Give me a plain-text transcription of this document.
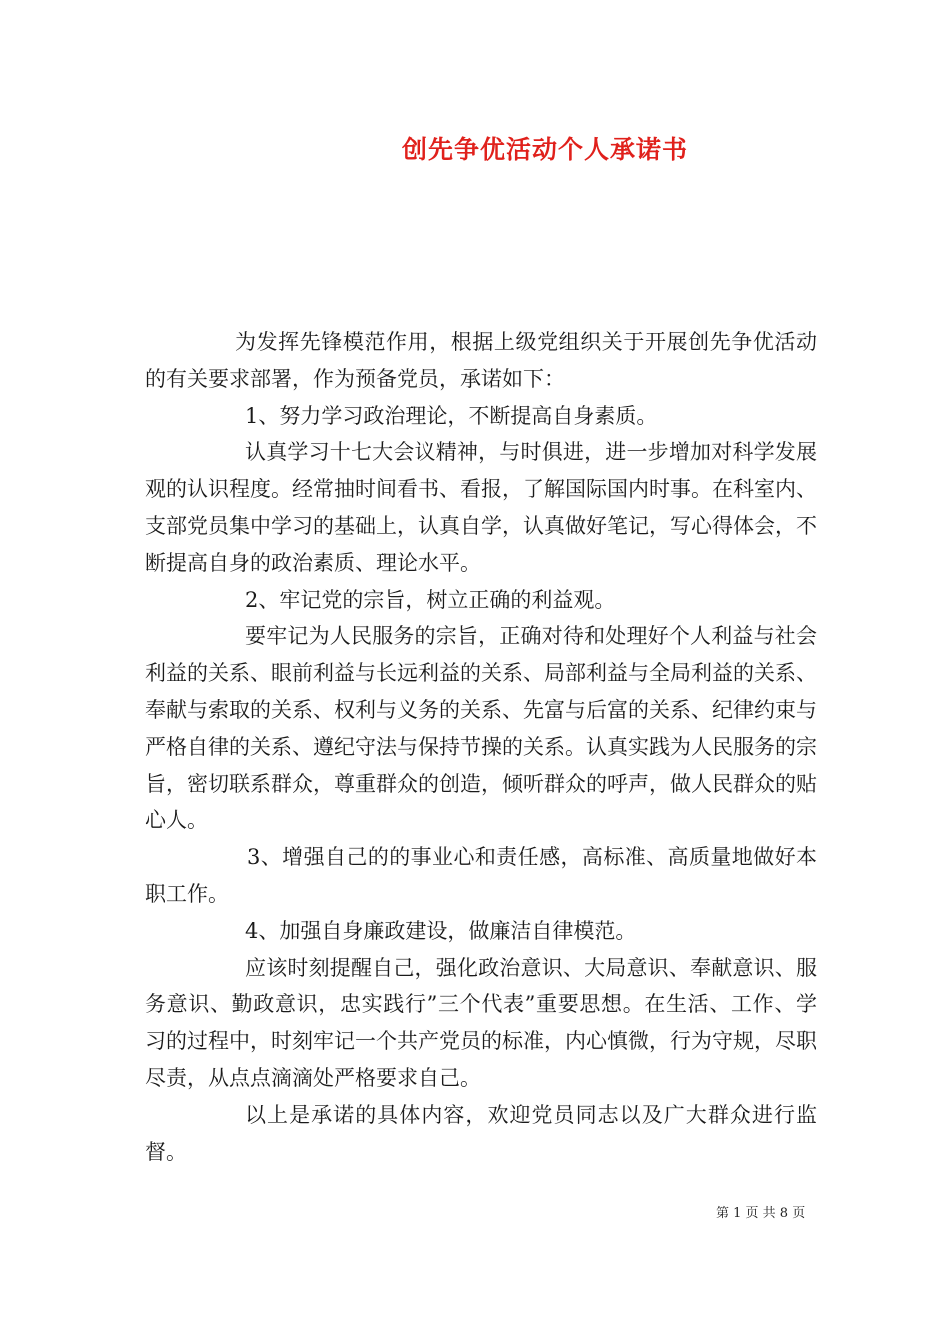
创先争优活动个人承诺书

为发挥先锋模范作用，根据上级党组织关于开展创先争优活动的有关要求部署，作为预备党员，承诺如下：

1、努力学习政治理论，不断提高自身素质。

认真学习十七大会议精神，与时俱进，进一步增加对科学发展观的认识程度。经常抽时间看书、看报，了解国际国内时事。在科室内、支部党员集中学习的基础上，认真自学，认真做好笔记，写心得体会，不断提高自身的政治素质、理论水平。

2、牢记党的宗旨，树立正确的利益观。

要牢记为人民服务的宗旨，正确对待和处理好个人利益与社会利益的关系、眼前利益与长远利益的关系、局部利益与全局利益的关系、奉献与索取的关系、权利与义务的关系、先富与后富的关系、纪律约束与严格自律的关系、遵纪守法与保持节操的关系。认真实践为人民服务的宗旨，密切联系群众，尊重群众的创造，倾听群众的呼声，做人民群众的贴心人。

3、增强自己的的事业心和责任感，高标准、高质量地做好本职工作。

4、加强自身廉政建设，做廉洁自律模范。

应该时刻提醒自己，强化政治意识、大局意识、奉献意识、服务意识、勤政意识，忠实践行”三个代表”重要思想。在生活、工作、学习的过程中，时刻牢记一个共产党员的标准，内心慎微，行为守规，尽职尽责，从点点滴滴处严格要求自己。

以上是承诺的具体内容，欢迎党员同志以及广大群众进行监督。

第 1 页 共 8 页
